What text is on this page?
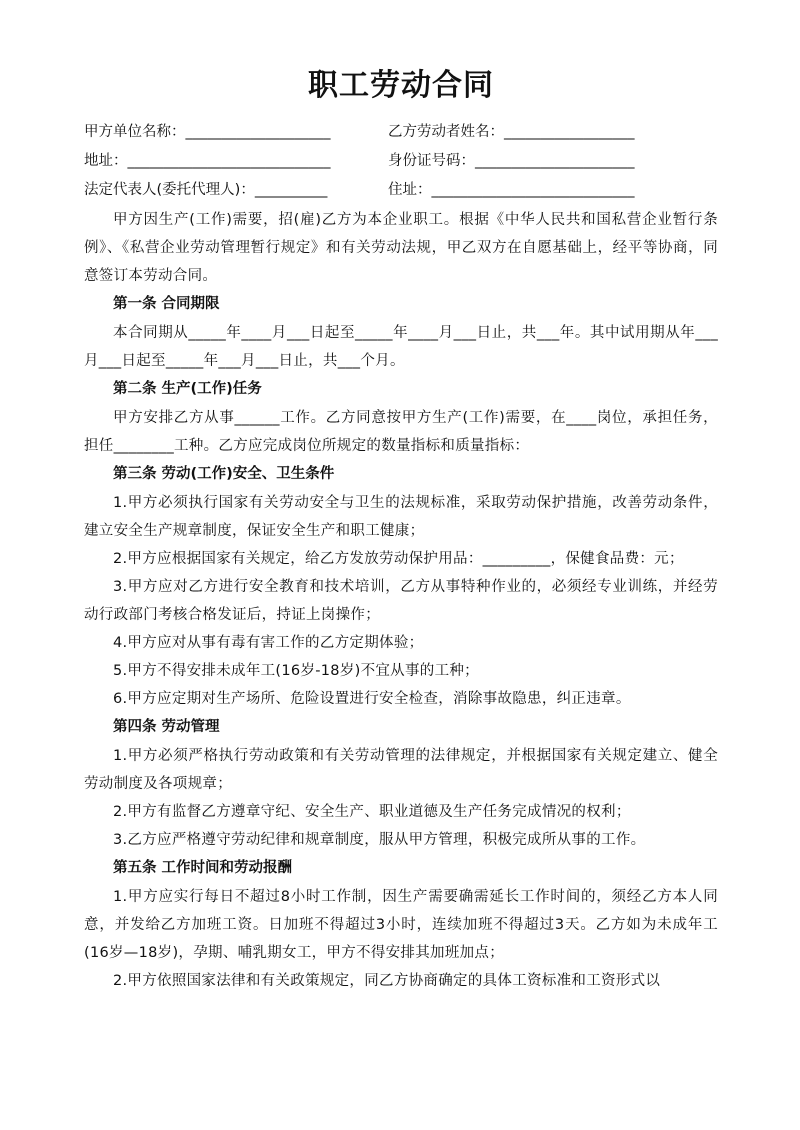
职工劳动合同
甲方单位名称：____________________	乙方劳动者姓名：__________________
地址：____________________________	身份证号码：______________________
法定代表人(委托代理人)：__________	住址：____________________________

甲方因生产(工作)需要，招(雇)乙方为本企业职工。根据《中华人民共和国私营企业暂行条例》、《私营企业劳动管理暂行规定》和有关劳动法规，甲乙双方在自愿基础上，经平等协商，同意签订本劳动合同。

第一条 合同期限

本合同期从_____年____月___日起至_____年____月___日止，共___年。其中试用期从年___月___日起至_____年___月___日止，共___个月。

第二条 生产(工作)任务

甲方安排乙方从事______工作。乙方同意按甲方生产(工作)需要，在____岗位，承担任务，担任________工种。乙方应完成岗位所规定的数量指标和质量指标：

第三条 劳动(工作)安全、卫生条件

1.甲方必须执行国家有关劳动安全与卫生的法规标准，采取劳动保护措施，改善劳动条件，建立安全生产规章制度，保证安全生产和职工健康；

2.甲方应根据国家有关规定，给乙方发放劳动保护用品：_________，保健食品费：元；

3.甲方应对乙方进行安全教育和技术培训，乙方从事特种作业的，必须经专业训练，并经劳动行政部门考核合格发证后，持证上岗操作；

4.甲方应对从事有毒有害工作的乙方定期体验；

5.甲方不得安排未成年工(16岁-18岁)不宜从事的工种；

6.甲方应定期对生产场所、危险设置进行安全检查，消除事故隐患，纠正违章。

第四条 劳动管理

1.甲方必须严格执行劳动政策和有关劳动管理的法律规定，并根据国家有关规定建立、健全劳动制度及各项规章；

2.甲方有监督乙方遵章守纪、安全生产、职业道德及生产任务完成情况的权利；

3.乙方应严格遵守劳动纪律和规章制度，服从甲方管理，积极完成所从事的工作。

第五条 工作时间和劳动报酬

1.甲方应实行每日不超过8小时工作制，因生产需要确需延长工作时间的，须经乙方本人同意，并发给乙方加班工资。日加班不得超过3小时，连续加班不得超过3天。乙方如为未成年工(16岁—18岁)，孕期、哺乳期女工，甲方不得安排其加班加点；

2.甲方依照国家法律和有关政策规定，同乙方协商确定的具体工资标准和工资形式以
